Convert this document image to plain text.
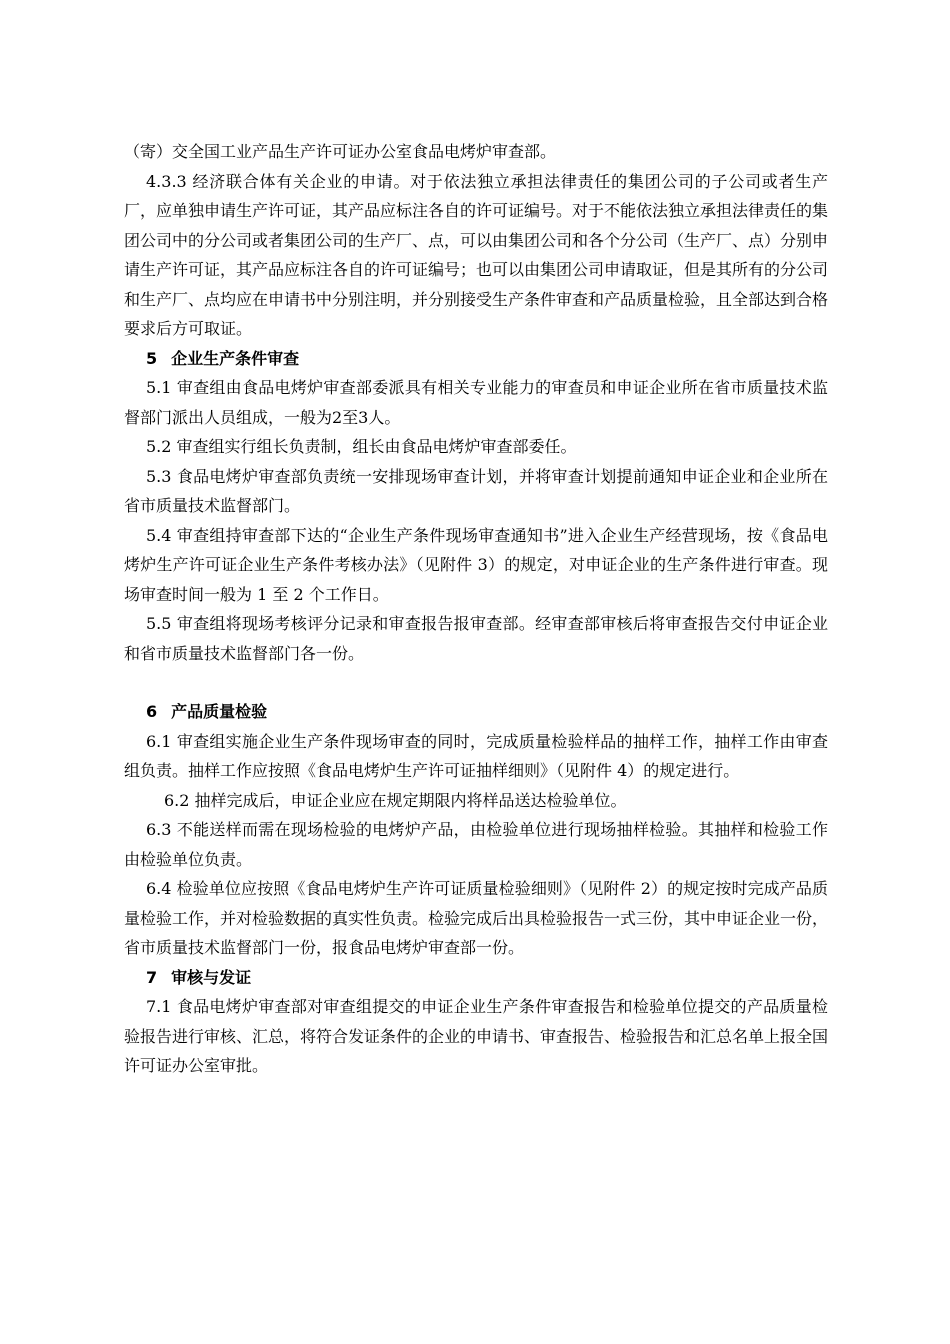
（寄）交全国工业产品生产许可证办公室食品电烤炉审查部。

4.3.3 经济联合体有关企业的申请。对于依法独立承担法律责任的集团公司的子公司或者生产厂，应单独申请生产许可证，其产品应标注各自的许可证编号。对于不能依法独立承担法律责任的集团公司中的分公司或者集团公司的生产厂、点，可以由集团公司和各个分公司（生产厂、点）分别申请生产许可证，其产品应标注各自的许可证编号；也可以由集团公司申请取证，但是其所有的分公司和生产厂、点均应在申请书中分别注明，并分别接受生产条件审查和产品质量检验，且全部达到合格要求后方可取证。

5 企业生产条件审查

5.1 审查组由食品电烤炉审查部委派具有相关专业能力的审查员和申证企业所在省市质量技术监督部门派出人员组成，一般为2至3人。

5.2 审查组实行组长负责制，组长由食品电烤炉审查部委任。

5.3 食品电烤炉审查部负责统一安排现场审查计划，并将审查计划提前通知申证企业和企业所在省市质量技术监督部门。

5.4 审查组持审查部下达的“企业生产条件现场审查通知书”进入企业生产经营现场，按《食品电烤炉生产许可证企业生产条件考核办法》（见附件 3）的规定，对申证企业的生产条件进行审查。现场审查时间一般为 1 至 2 个工作日。

5.5 审查组将现场考核评分记录和审查报告报审查部。经审查部审核后将审查报告交付申证企业和省市质量技术监督部门各一份。

6 产品质量检验

6.1 审查组实施企业生产条件现场审查的同时，完成质量检验样品的抽样工作，抽样工作由审查组负责。抽样工作应按照《食品电烤炉生产许可证抽样细则》（见附件 4）的规定进行。

6.2 抽样完成后，申证企业应在规定期限内将样品送达检验单位。

6.3 不能送样而需在现场检验的电烤炉产品，由检验单位进行现场抽样检验。其抽样和检验工作由检验单位负责。

6.4 检验单位应按照《食品电烤炉生产许可证质量检验细则》（见附件 2）的规定按时完成产品质量检验工作，并对检验数据的真实性负责。检验完成后出具检验报告一式三份，其中申证企业一份，省市质量技术监督部门一份，报食品电烤炉审查部一份。

7 审核与发证

7.1 食品电烤炉审查部对审查组提交的申证企业生产条件审查报告和检验单位提交的产品质量检验报告进行审核、汇总，将符合发证条件的企业的申请书、审查报告、检验报告和汇总名单上报全国许可证办公室审批。
